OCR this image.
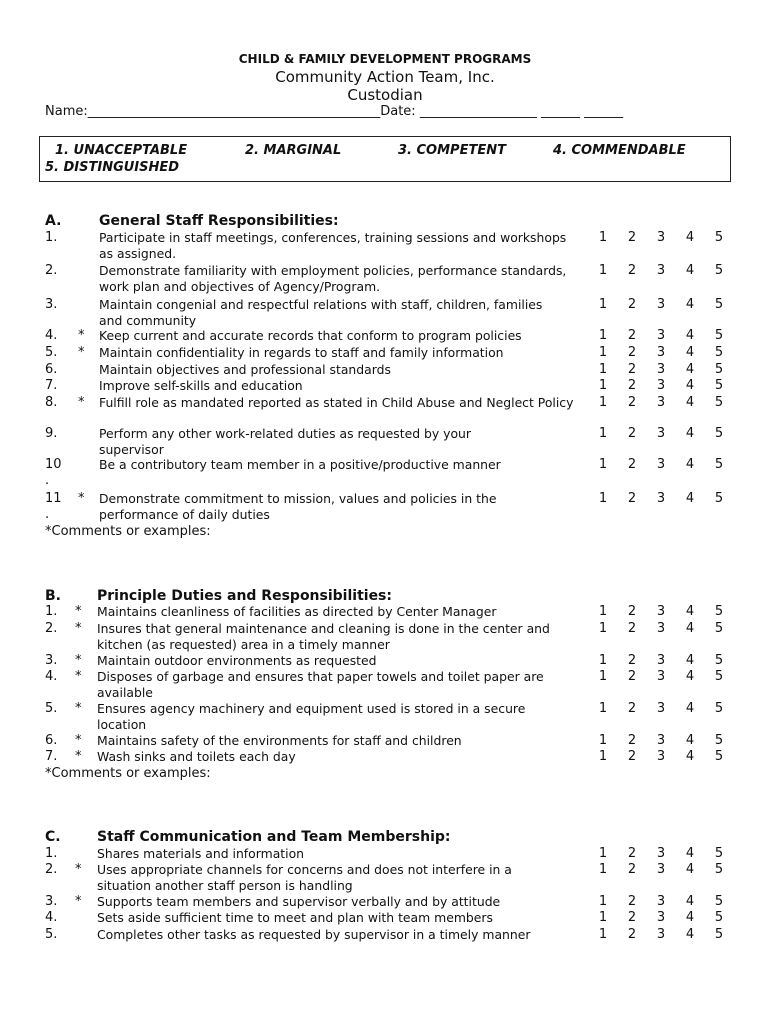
CHILD & FAMILY DEVELOPMENT PROGRAMS
Community Action Team, Inc.
Custodian
Name:_____________________________________________Date: __________________ ______ ______
1. UNACCEPTABLE	2. MARGINAL	3. COMPETENT	4. COMMENDABLE
5. DISTINGUISHED
A.	General Staff Responsibilities:
1.	Participate in staff meetings, conferences, training sessions and workshops as assigned.
1 2 3 4 5
2.	Demonstrate familiarity with employment policies, performance standards, work plan and objectives of Agency/Program.
1 2 3 4 5
3.	Maintain congenial and respectful relations with staff, children, families and community
1 2 3 4 5
4. * Keep current and accurate records that conform to program policies	1 2 3 4 5
5. * Maintain confidentiality in regards to staff and family information	1 2 3 4 5
6.	Maintain objectives and professional standards	1 2 3 4 5
7.	Improve self-skills and education	1 2 3 4 5
8. * Fulfill role as mandated reported as stated in Child Abuse and Neglect Policy	1 2 3 4 5
9.	Perform any other work-related duties as requested by your supervisor
1 2 3 4 5
10
.
Be a contributory team member in a positive/productive manner	1 2 3 4 5
11
.
* Demonstrate commitment to mission, values and policies in the performance of daily duties
1 2 3 4 5
*Comments or examples:
B.	Principle Duties and Responsibilities:
1. * Maintains cleanliness of facilities as directed by Center Manager	1 2 3 4 5
2. * Insures that general maintenance and cleaning is done in the center and kitchen (as requested) area in a timely manner
1 2 3 4 5
3. * Maintain outdoor environments as requested	1 2 3 4 5
4. * Disposes of garbage and ensures that paper towels and toilet paper are available
1 2 3 4 5
5. * Ensures agency machinery and equipment used is stored in a secure location
1 2 3 4 5
6. * Maintains safety of the environments for staff and children	1 2 3 4 5
7. * Wash sinks and toilets each day	1 2 3 4 5
*Comments or examples:
C.	Staff Communication and Team Membership:
1.	Shares materials and information	1 2 3 4 5
2. * Uses appropriate channels for concerns and does not interfere in a situation another staff person is handling
1 2 3 4 5
3. * Supports team members and supervisor verbally and by attitude	1 2 3 4 5
4.	Sets aside sufficient time to meet and plan with team members	1 2 3 4 5
5.	Completes other tasks as requested by supervisor in a timely manner	1 2 3 4 5
